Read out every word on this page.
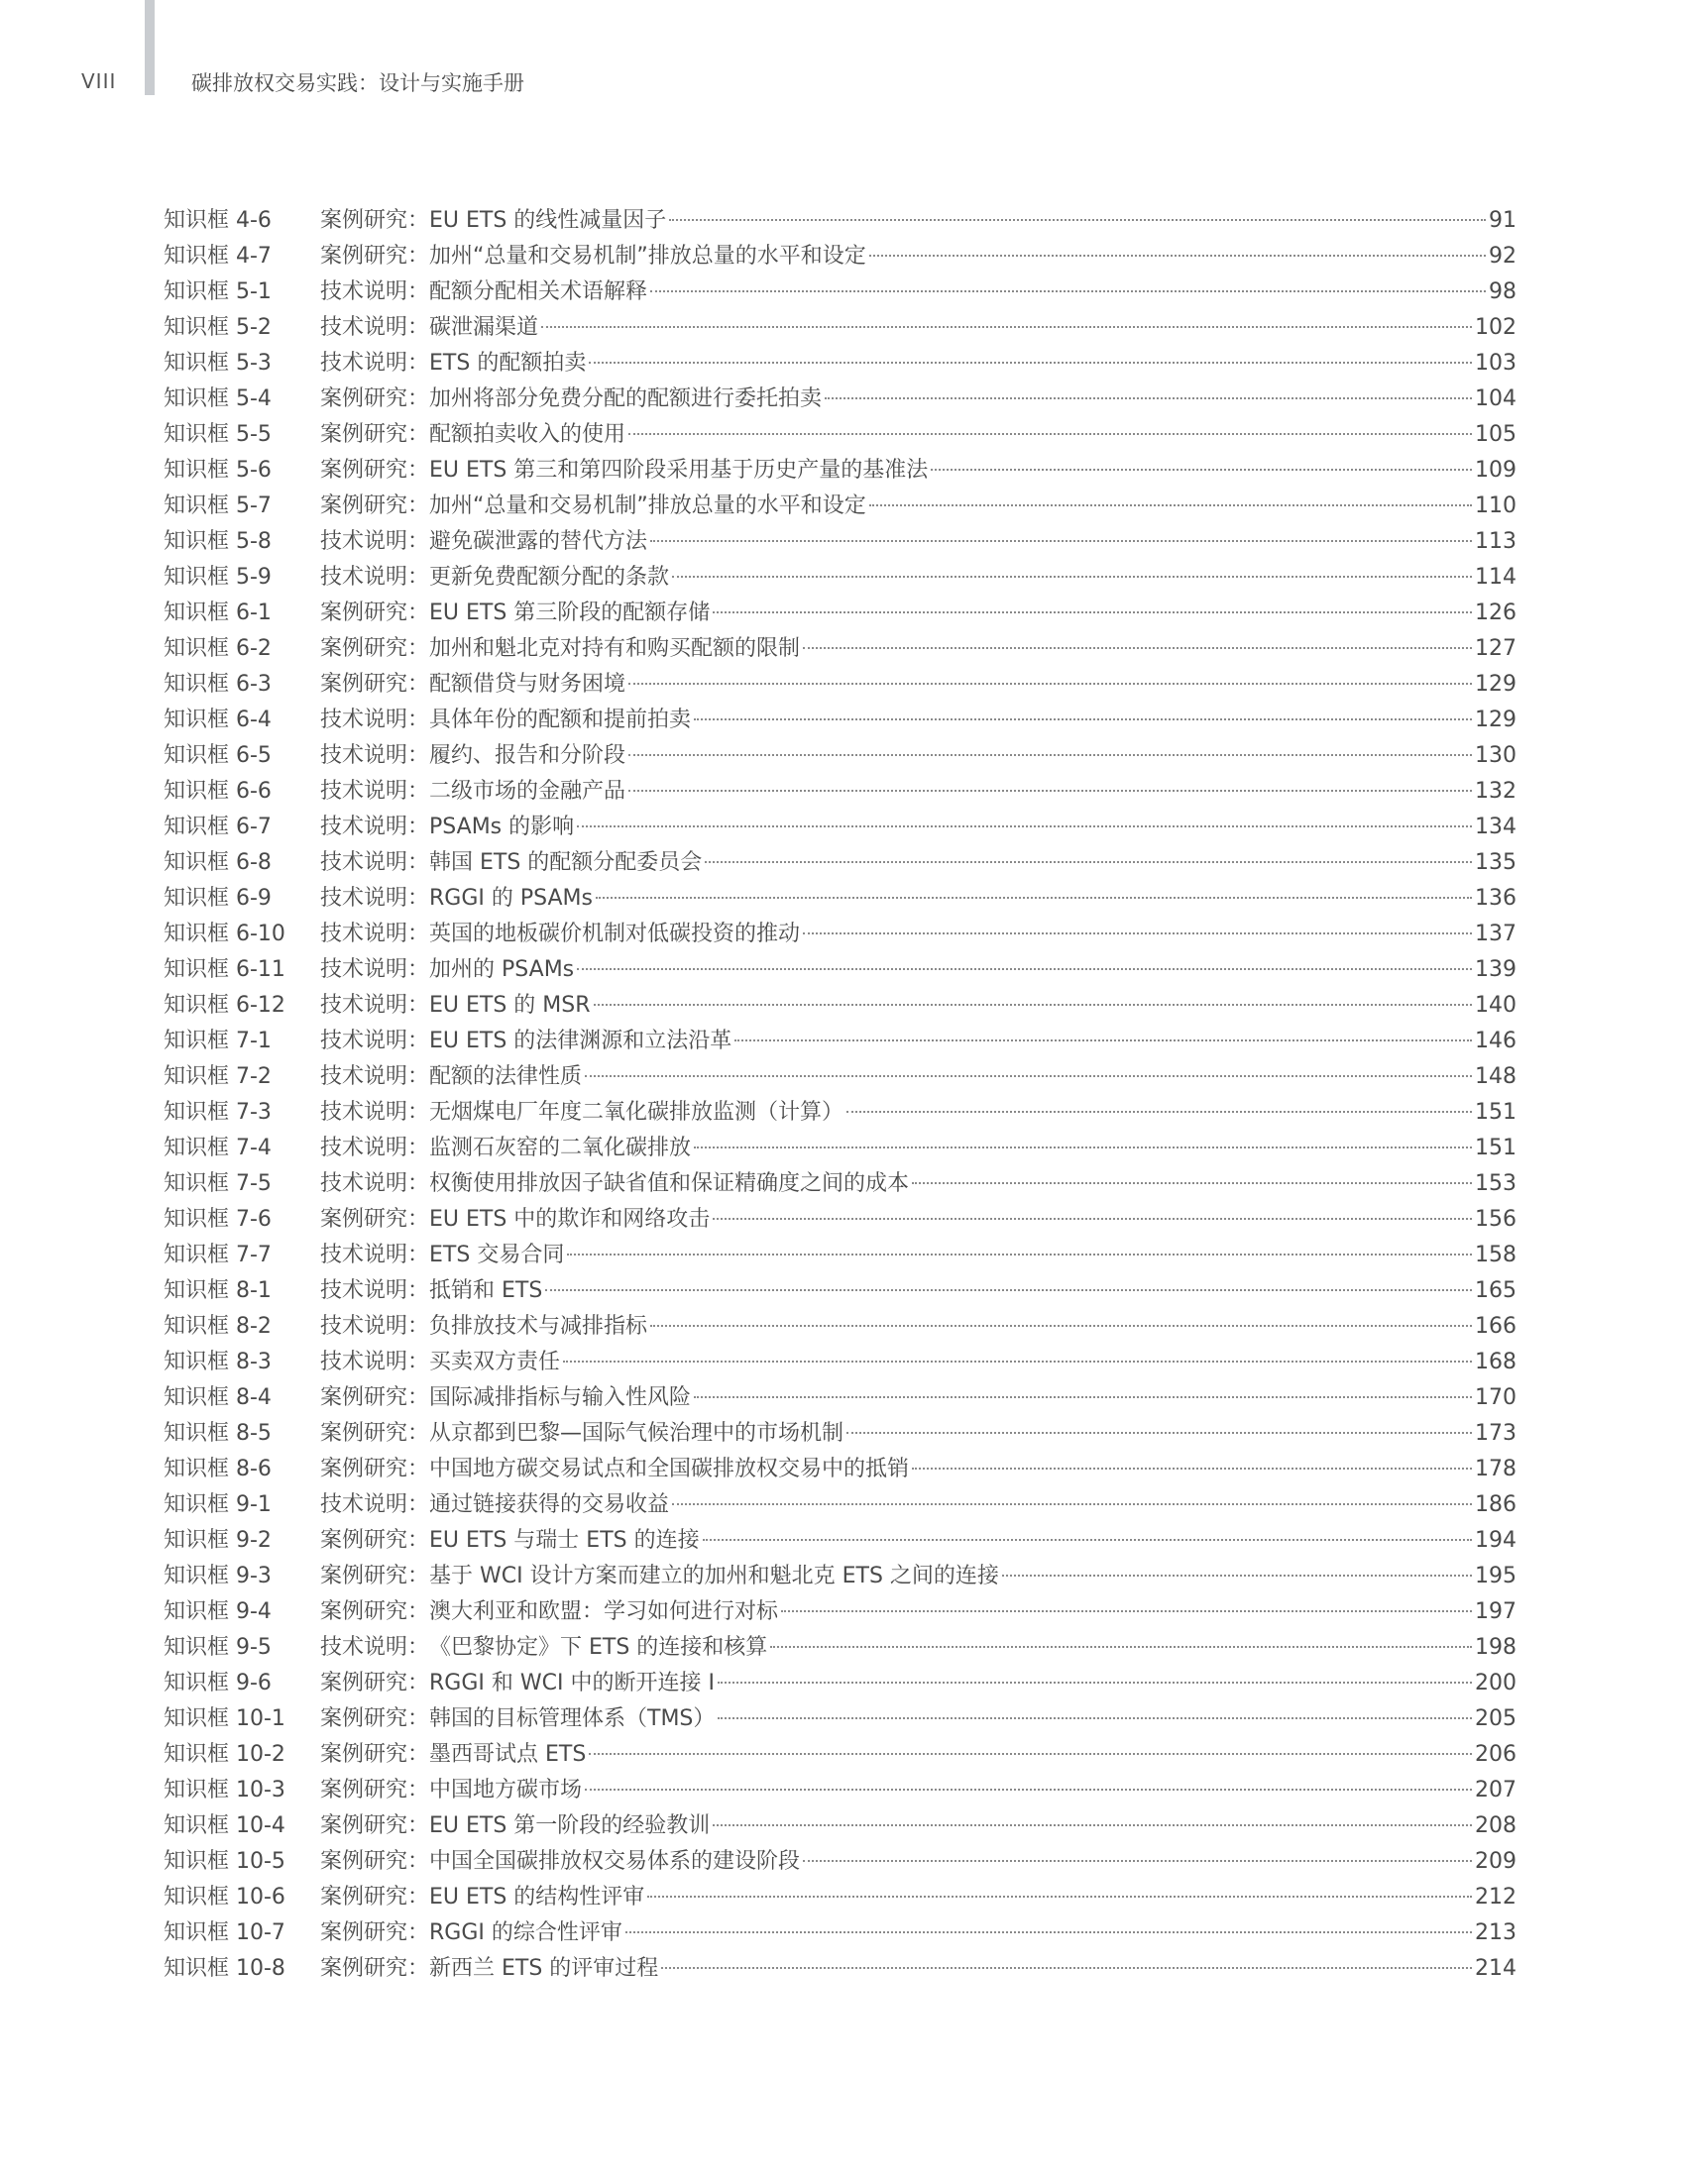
VIII	碳排放权交易实践：设计与实施手册
知识框 4-6	案例研究： EU ETS 的线性减量因子	91
知识框 4-7	案例研究： 加州“总量和交易机制”排放总量的水平和设定	92
知识框 5-1	技术说明： 配额分配相关术语解释	98
知识框 5-2	技术说明： 碳泄漏渠道	102
知识框 5-3	技术说明： ETS 的配额拍卖	103
知识框 5-4	案例研究： 加州将部分免费分配的配额进行委托拍卖	104
知识框 5-5	案例研究： 配额拍卖收入的使用	105
知识框 5-6	案例研究： EU ETS 第三和第四阶段采用基于历史产量的基准法	109
知识框 5-7	案例研究： 加州“总量和交易机制”排放总量的水平和设定	110
知识框 5-8	技术说明： 避免碳泄露的替代方法	113
知识框 5-9	技术说明： 更新免费配额分配的条款	114
知识框 6-1	案例研究： EU ETS 第三阶段的配额存储	126
知识框 6-2	案例研究： 加州和魁北克对持有和购买配额的限制	127
知识框 6-3	案例研究： 配额借贷与财务困境	129
知识框 6-4	技术说明： 具体年份的配额和提前拍卖	129
知识框 6-5	技术说明： 履约、报告和分阶段	130
知识框 6-6	技术说明： 二级市场的金融产品	132
知识框 6-7	技术说明： PSAMs 的影响	134
知识框 6-8	技术说明： 韩国 ETS 的配额分配委员会	135
知识框 6-9	技术说明： RGGI 的 PSAMs	136
知识框 6-10	技术说明： 英国的地板碳价机制对低碳投资的推动	137
知识框 6-11	技术说明： 加州的 PSAMs	139
知识框 6-12	技术说明： EU ETS 的 MSR	140
知识框 7-1	技术说明： EU ETS 的法律渊源和立法沿革	146
知识框 7-2	技术说明： 配额的法律性质	148
知识框 7-3	技术说明： 无烟煤电厂年度二氧化碳排放监测（计算）	151
知识框 7-4	技术说明： 监测石灰窑的二氧化碳排放	151
知识框 7-5	技术说明： 权衡使用排放因子缺省值和保证精确度之间的成本	153
知识框 7-6	案例研究： EU ETS 中的欺诈和网络攻击	156
知识框 7-7	技术说明： ETS 交易合同	158
知识框 8-1	技术说明： 抵销和 ETS	165
知识框 8-2	技术说明： 负排放技术与减排指标	166
知识框 8-3	技术说明： 买卖双方责任	168
知识框 8-4	案例研究： 国际减排指标与输入性风险	170
知识框 8-5	案例研究： 从京都到巴黎—国际气候治理中的市场机制	173
知识框 8-6	案例研究： 中国地方碳交易试点和全国碳排放权交易中的抵销	178
知识框 9-1	技术说明： 通过链接获得的交易收益	186
知识框 9-2	案例研究： EU ETS 与瑞士 ETS 的连接	194
知识框 9-3	案例研究： 基于 WCI 设计方案而建立的加州和魁北克 ETS 之间的连接	195
知识框 9-4	案例研究： 澳大利亚和欧盟：学习如何进行对标	197
知识框 9-5	技术说明： 《巴黎协定》下 ETS 的连接和核算	198
知识框 9-6	案例研究： RGGI 和 WCI 中的断开连接 I	200
知识框 10-1	案例研究： 韩国的目标管理体系（TMS）	205
知识框 10-2	案例研究： 墨西哥试点 ETS	206
知识框 10-3	案例研究： 中国地方碳市场	207
知识框 10-4	案例研究： EU ETS 第一阶段的经验教训	208
知识框 10-5	案例研究： 中国全国碳排放权交易体系的建设阶段	209
知识框 10-6	案例研究： EU ETS 的结构性评审	212
知识框 10-7	案例研究： RGGI 的综合性评审	213
知识框 10-8	案例研究： 新西兰 ETS 的评审过程	214
